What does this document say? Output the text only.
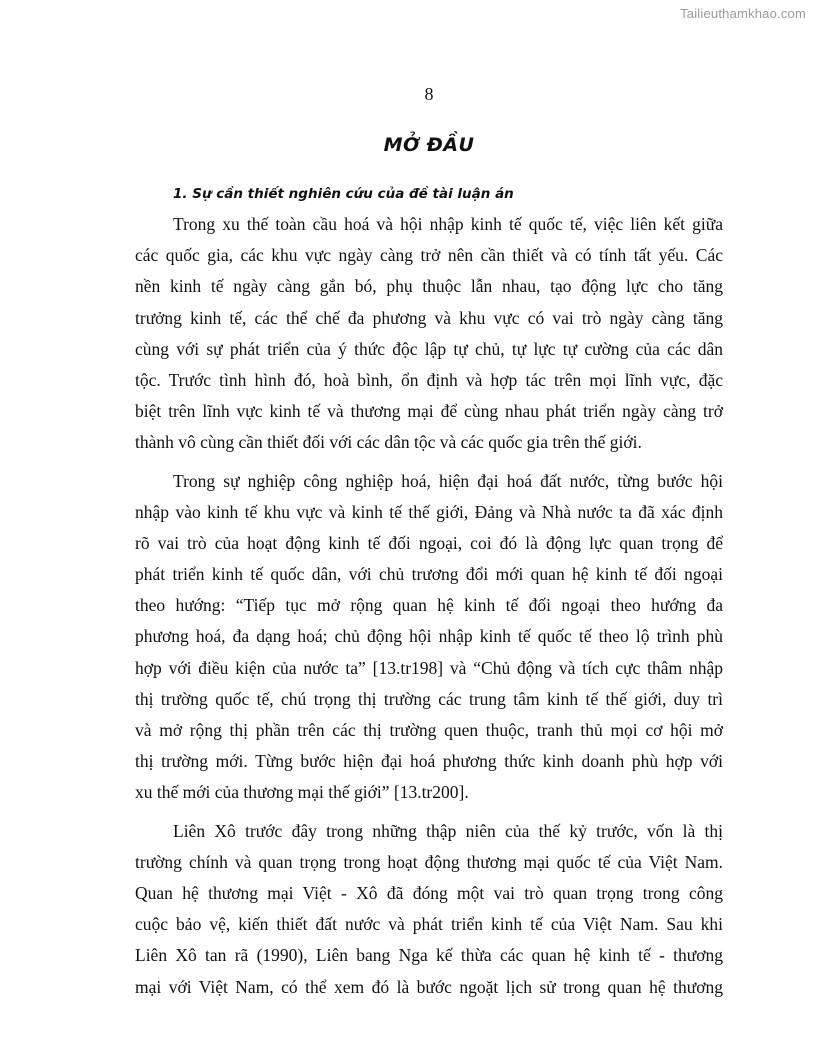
Tailieuthamkhao.com
8
MỞ ĐẦU
1. Sự cần thiết nghiên cứu của đề tài luận án
Trong xu thế toàn cầu hoá và hội nhập kinh tế quốc tế, việc liên kết giữa
các quốc gia, các khu vực ngày càng trở nên cần thiết và có tính tất yếu. Các
nền kinh tế ngày càng gắn bó, phụ thuộc lẫn nhau, tạo động lực cho tăng
trưởng kinh tế, các thể chế đa phương và khu vực có vai trò ngày càng tăng
cùng với sự phát triển của ý thức độc lập tự chủ, tự lực tự cường của các dân
tộc. Trước tình hình đó, hoà bình, ổn định và hợp tác trên mọi lĩnh vực, đặc
biệt trên lĩnh vực kinh tế và thương mại để cùng nhau phát triển ngày càng trở
thành vô cùng cần thiết đối với các dân tộc và các quốc gia trên thế giới.
Trong sự nghiệp công nghiệp hoá, hiện đại hoá đất nước, từng bước hội
nhập vào kinh tế khu vực và kinh tế thế giới, Đảng và Nhà nước ta đã xác định
rõ vai trò của hoạt động kinh tế đối ngoại, coi đó là động lực quan trọng để
phát triển kinh tế quốc dân, với chủ trương đổi mới quan hệ kinh tế đối ngoại
theo hướng: “Tiếp tục mở rộng quan hệ kinh tế đối ngoại theo hướng đa
phương hoá, đa dạng hoá; chủ động hội nhập kinh tế quốc tế theo lộ trình phù
hợp với điều kiện của nước ta” [13.tr198] và “Chủ động và tích cực thâm nhập
thị trường quốc tế, chú trọng thị trường các trung tâm kinh tế thế giới, duy trì
và mở rộng thị phần trên các thị trường quen thuộc, tranh thủ mọi cơ hội mở
thị trường mới. Từng bước hiện đại hoá phương thức kinh doanh phù hợp với
xu thế mới của thương mại thế giới” [13.tr200].
Liên Xô trước đây trong những thập niên của thế kỷ trước, vốn là thị
trường chính và quan trọng trong hoạt động thương mại quốc tế của Việt Nam.
Quan hệ thương mại Việt - Xô đã đóng một vai trò quan trọng trong công
cuộc bảo vệ, kiến thiết đất nước và phát triển kinh tế của Việt Nam. Sau khi
Liên Xô tan rã (1990), Liên bang Nga kế thừa các quan hệ kinh tế - thương
mại với Việt Nam, có thể xem đó là bước ngoặt lịch sử trong quan hệ thương
